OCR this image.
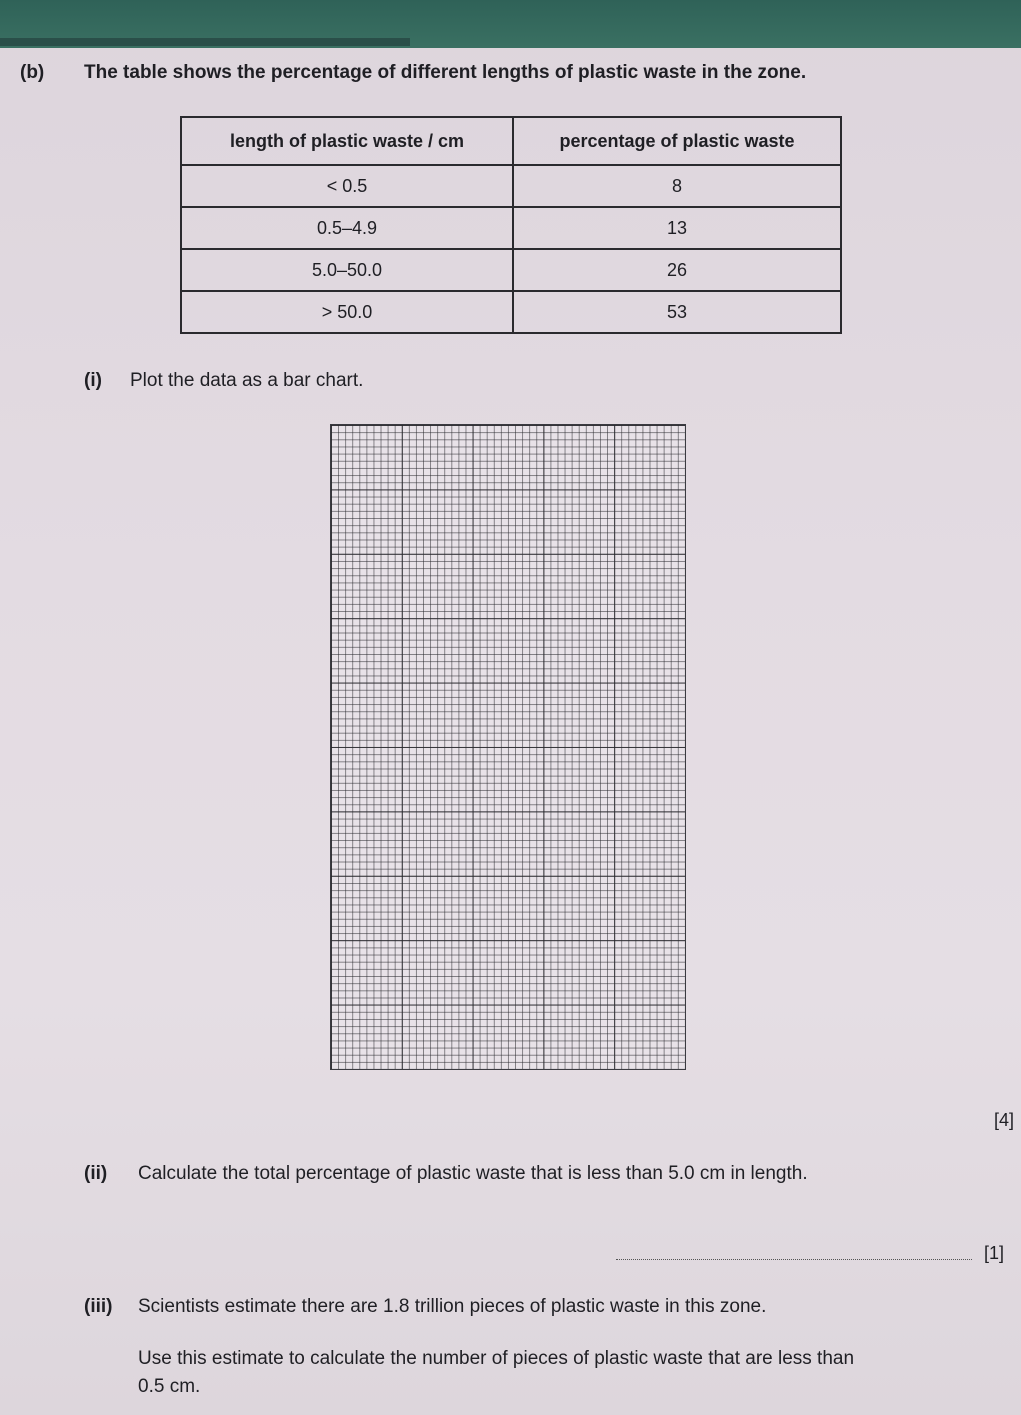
(b) The table shows the percentage of different lengths of plastic waste in the zone.
length of plastic waste / cm	percentage of plastic waste
< 0.5	8
0.5–4.9	13
5.0–50.0	26
> 50.0	53
(i) Plot the data as a bar chart.
[4]
(ii) Calculate the total percentage of plastic waste that is less than 5.0 cm in length.
[1]
(iii) Scientists estimate there are 1.8 trillion pieces of plastic waste in this zone.
Use this estimate to calculate the number of pieces of plastic waste that are less than
0.5 cm.
